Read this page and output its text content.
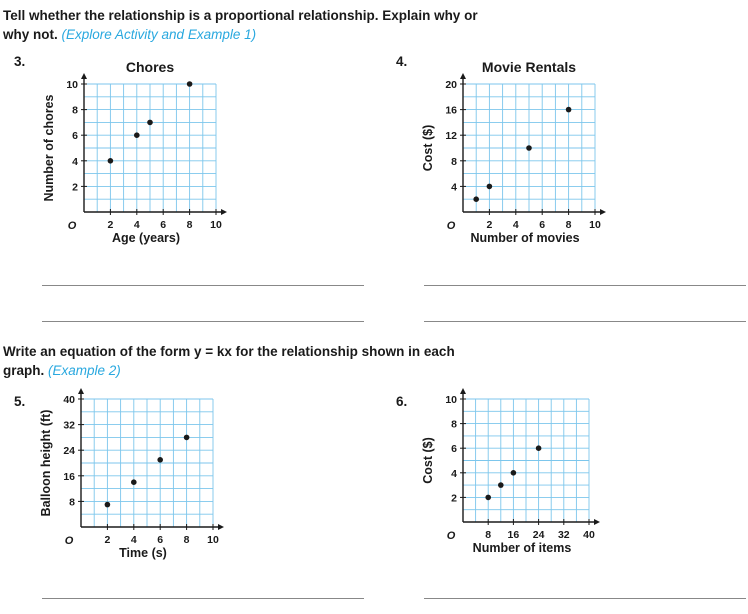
Tell whether the relationship is a proportional relationship. Explain why or
why not. (Explore Activity and Example 1)
3.	4.
2 4 6 8 10
2
4
6
8
10
O
Chores
Age (years)
Number of chores
2 4 6 8 10
4
8
12
16
20
O
Movie Rentals
Number of movies
Cost ($)
2 4 6 8 10
8
16
24
32
40
O
Time (s)
Balloon height (ft)
8 16 24 32 40
2
4
6
8
10
O
Number of items
Cost ($)
Write an equation of the form y = kx for the relationship shown in each
graph. (Example 2)
5.	6.
